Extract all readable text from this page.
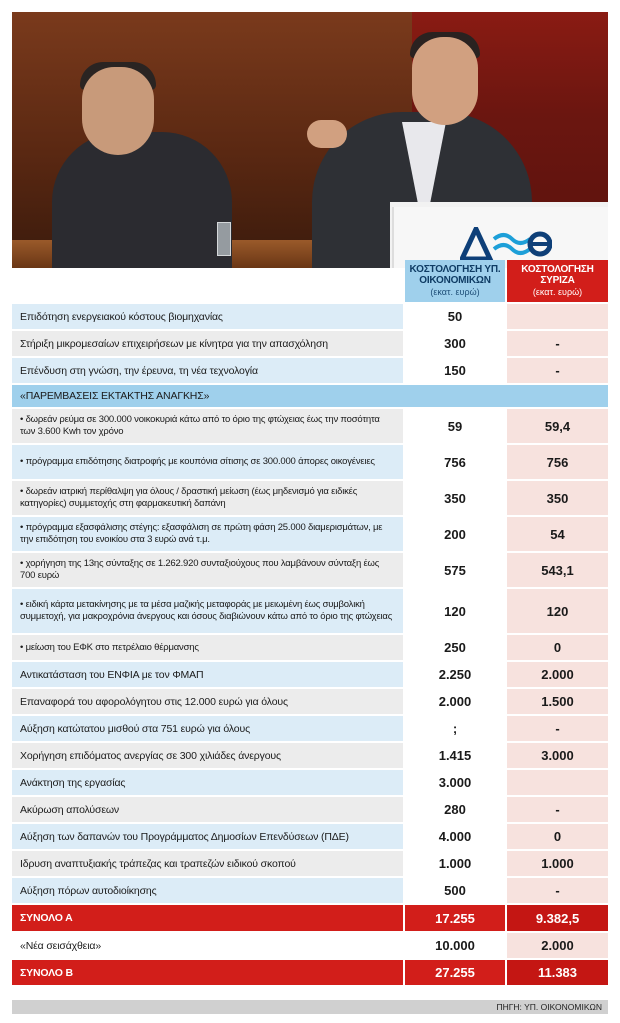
ΚΟΣΤΟΛΟΓΗΣΗ ΥΠ. ΟΙΚΟΝΟΜΙΚΩΝ
(εκατ. ευρώ)
ΚΟΣΤΟΛΟΓΗΣΗ ΣΥΡΙΖΑ
(εκατ. ευρώ)
Επιδότηση ενεργειακού κόστους βιομηχανίας	50
Στήριξη μικρομεσαίων επιχειρήσεων με κίνητρα για την απασχόληση	300	-
Επένδυση στη γνώση, την έρευνα, τη νέα τεχνολογία	150	-
«ΠΑΡΕΜΒΑΣΕΙΣ ΕΚΤΑΚΤΗΣ ΑΝΑΓΚΗΣ»
• δωρεάν ρεύμα σε 300.000 νοικοκυριά κάτω από το όριο της φτώχειας έως την ποσότητα των 3.600 Kwh τον χρόνο	59	59,4
• πρόγραμμα επιδότησης διατροφής με κουπόνια σίτισης σε 300.000 άπορες οικογένειες	756	756
• δωρεάν ιατρική περίθαλψη για όλους / δραστική μείωση (έως μηδενισμό για ειδικές κατηγορίες) συμμετοχής στη φαρμακευτική δαπάνη	350	350
• πρόγραμμα εξασφάλισης στέγης: εξασφάλιση σε πρώτη φάση 25.000 διαμερισμάτων, με την επιδότηση του ενοικίου στα 3 ευρώ ανά τ.μ.	200	54
• χορήγηση της 13ης σύνταξης σε 1.262.920 συνταξιούχους που λαμβάνουν σύνταξη έως 700 ευρώ	575	543,1
• ειδική κάρτα μετακίνησης με τα μέσα μαζικής μεταφοράς με μειωμένη έως συμβολική συμμετοχή, για μακροχρόνια άνεργους και όσους διαβιώνουν κάτω από το όριο της φτώχειας	120	120
• μείωση του ΕΦΚ στο πετρέλαιο θέρμανσης	250	0
Αντικατάσταση του ΕΝΦΙΑ με τον ΦΜΑΠ	2.250	2.000
Επαναφορά του αφορολόγητου στις 12.000 ευρώ για όλους	2.000	1.500
Αύξηση κατώτατου μισθού στα 751 ευρώ για όλους	;	-
Χορήγηση επιδόματος ανεργίας σε 300 χιλιάδες άνεργους	1.415	3.000
Ανάκτηση της εργασίας	3.000
Ακύρωση απολύσεων	280	-
Αύξηση των δαπανών του Προγράμματος Δημοσίων Επενδύσεων (ΠΔΕ)	4.000	0
Ιδρυση αναπτυξιακής τράπεζας και τραπεζών ειδικού σκοπού	1.000	1.000
Αύξηση πόρων αυτοδιοίκησης	500	-
ΣΥΝΟΛΟ Α	17.255	9.382,5
«Νέα σεισάχθεια»	10.000	2.000
ΣΥΝΟΛΟ Β	27.255	11.383
ΠΗΓΗ: ΥΠ. ΟΙΚΟΝΟΜΙΚΩΝ
